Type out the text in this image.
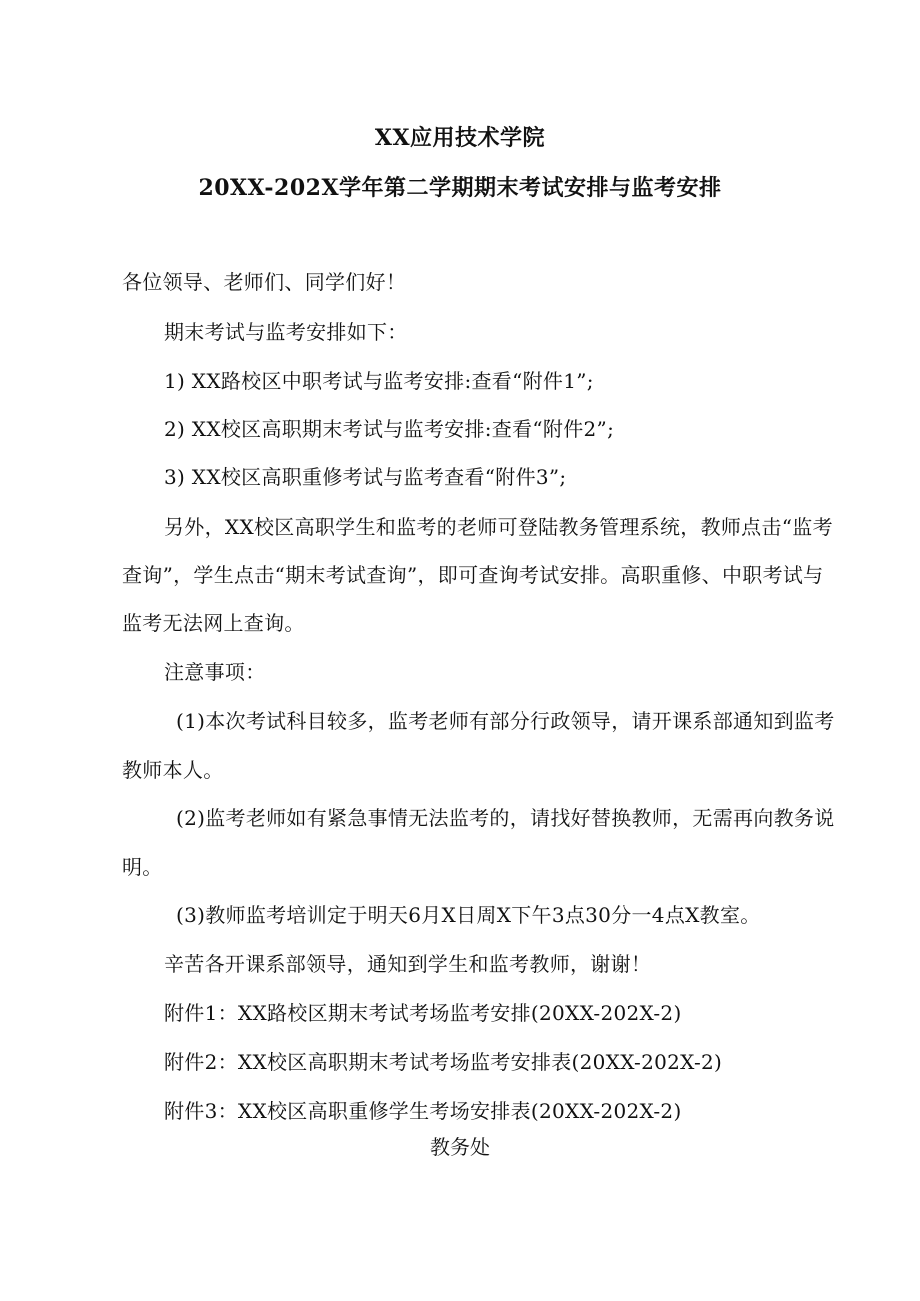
XX应用技术学院
20XX-202X学年第二学期期末考试安排与监考安排
各位领导、老师们、同学们好！
期末考试与监考安排如下：
1) XX路校区中职考试与监考安排:查看“附件1”;
2) XX校区高职期末考试与监考安排:查看“附件2”;
3) XX校区高职重修考试与监考查看“附件3”;
另外，XX校区高职学生和监考的老师可登陆教务管理系统，教师点击“监考
查询”，学生点击“期末考试查询”，即可查询考试安排。高职重修、中职考试与
监考无法网上查询。
注意事项：
(1)本次考试科目较多，监考老师有部分行政领导，请开课系部通知到监考
教师本人。
(2)监考老师如有紧急事情无法监考的，请找好替换教师，无需再向教务说
明。
(3)教师监考培训定于明天6月X日周X下午3点30分一4点X教室。
辛苦各开课系部领导，通知到学生和监考教师，谢谢！
附件1：XX路校区期末考试考场监考安排(20XX-202X-2)
附件2：XX校区高职期末考试考场监考安排表(20XX-202X-2)
附件3：XX校区高职重修学生考场安排表(20XX-202X-2)
教务处
